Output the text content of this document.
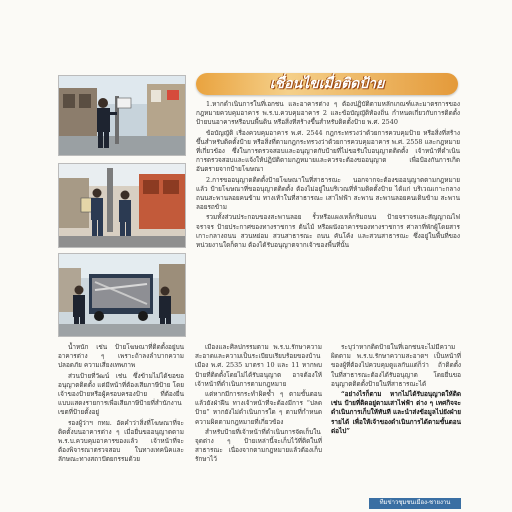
เชื่อนไขเมื่อติดป้าย

1.หากดำเนินการในที่เอกชน และอาคารต่าง ๆ ต้องปฏิบัติตามหลักเกณฑ์และมาตรการของกฎหมายควบคุมอาคาร พ.ร.บ.ควบคุมอาคาร 2 และข้อบัญญัติท้องถิ่น กำหนดเกี่ยวกับการติดตั้งป้ายบนอาคารหรือบนพื้นดิน หรือสิ่งที่สร้างขึ้นสำหรับติดตั้งป้าย พ.ศ. 2540

ข้อบัญญัติ เรื่องควบคุมอาคาร พ.ศ. 2544 กฎกระทรวงว่าด้วยการควบคุมป้าย หรือสิ่งที่สร้างขึ้นสำหรับติดตั้งป้าย หรือสิ่งที่ตามกฎกระทรวงว่าด้วยการควบคุมอาคาร พ.ศ. 2558 และกฎหมายที่เกี่ยวข้อง ซึ่งในการตรวจสอบและอนุญาตกับป้ายที่ไม่ขอรับใบอนุญาตติดตั้ง เจ้าหน้าที่ดำเนินการตรวจสอบและแจ้งให้ปฏิบัติตามกฎหมายและควรจะต้องขออนุญาต เพื่อป้องกันการเกิดอันตรายจากป้ายโฆษณา

2.การขออนุญาตติดตั้งป้ายโฆษณาในที่สาธารณะ นอกจากจะต้องขออนุญาตตามกฎหมายแล้ว ป้ายโฆษณาที่ขออนุญาตติดตั้ง ต้องไม่อยู่ในบริเวณที่ห้ามติดตั้งป้าย ได้แก่ บริเวณเกาะกลางถนนสะพานลอยคนข้าม ทางเท้าในที่สาธารณะ เสาไฟฟ้า สะพาน สะพานลอยคนเดินข้าม สะพานลอยรถข้าม

รวมทั้งส่วนประกอบของสะพานลอย รั้วหรือแผงเหล็กริมถนน ป้ายจราจรและสัญญาณไฟจราจร ป้ายประกาศของทางราชการ ต้นไม้ หรือผนังอาคารของทางราชการ ศาลาที่พักผู้โดยสาร เกาะกลางถนน สวนหย่อม สวนสาธารณะ ถนน คันโค้ง และสวนสาธารณะ ซึ่งอยู่ในพื้นที่ของหน่วยงานใดก็ตาม ต้องได้รับอนุญาตจากเจ้าของพื้นที่นั้น

น้ำหนัก เช่น ป้ายโฆษณาที่ติดตั้งอยู่บนอาคารต่าง ๆ เพราะถ้าลงลำบากความปลอดภัย ความเสี่ยงเทพภาพ

ส่วนป้ายที่วัฒน์ เช่น ซึ่งข้ามไม่ได้ขอขออนุญาตติดตั้ง แต่มีหน้าที่ต้องเสียภาษีป้าย โดยเจ้าของป้ายหรือผู้ครอบครองป้าย ที่ต้องยื่นแบบแสดงรายการเพื่อเสียภาษีป้ายที่สำนักงานเขตที่ป้ายตั้งอยู่

รองผู้ว่าฯ กทม. อัดคำว่าสิ่งที่โฆษณาที่จะติดตั้งบนอาคารต่าง ๆ เมื่อยื่นขออนุญาตตาม พ.ร.บ.ควบคุมอาคารของแล้ว เจ้าหน้าที่จะต้องพิจารณาตรวจสอบ ในทางเทคนิคและลักษณะทางสถาปัตยกรรมด้วย

เมืองและศิลปกรรมตาม พ.ร.บ.รักษาความสะอาดและความเป็นระเบียบเรียบร้อยของบ้านเมือง พ.ศ. 2535 มาตรา 10 และ 11 หากพบป้ายที่ติดตั้งโดยไม่ได้รับอนุญาต อาจต้องให้เจ้าหน้าที่ดำเนินการตามกฎหมาย

แต่หากมีการกระทำผิดซ้ำ ๆ ตามขั้นตอนแล้วยังฝ่าฝืน ทางเจ้าหน้าที่จะต้องมีการ “ปลดป้าย” หากยังไม่ดำเนินการใด ๆ ตามที่กำหนดความผิดตามกฎหมายที่เกี่ยวข้อง

สำหรับป้ายที่เจ้าหน้าที่ดำเนินการจัดเก็บในจุดต่าง ๆ ป้ายเหล่านี้จะเก็บไว้ที่ติดในที่สาธารณะ เนื่องจากตามกฎหมายแล้วต้องเก็บรักษาไว้

ระบุว่าหากติดป้ายในที่เอกชนจะไม่มีความผิดตาม พ.ร.บ.รักษาความสะอาดฯ เป็นหน้าที่ของผู้ที่ต้องไปควบคุมดูแลกันแต่ก็ว่า ถ้าติดตั้งในที่สาธารณะต้องได้รับอนุญาต โดยยื่นขออนุญาตติดตั้งป้ายในที่สาธารณะได้

“อย่างไรก็ตาม หากไม่ได้รับอนุญาตให้ติด เช่น ป้ายที่ติดอยู่ตามเสาไฟฟ้า ต่าง ๆ เทศกิจจะดำเนินการเก็บให้ทันที และนำส่งข้อมูลไปยังฝ่ายรายได้ เพื่อให้เจ้าของดำเนินการได้ตามขั้นตอนต่อไป”

ทีมข่าวชุมชนเมือง-ชายงาน
